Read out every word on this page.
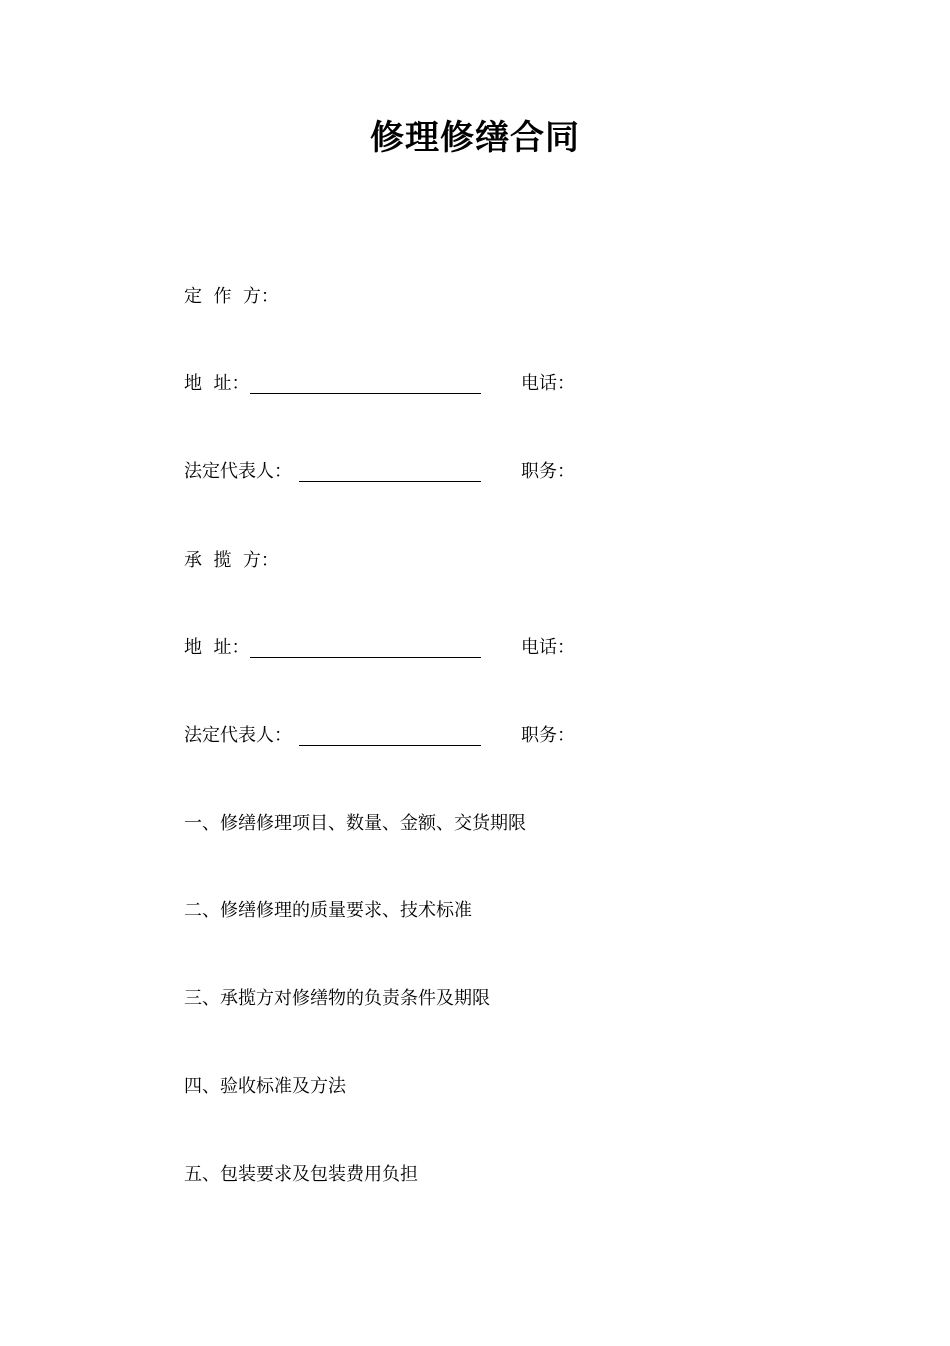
修理修缮合同
定  作  方：
地  址：	电话：
法定代表人：	职务：
承  揽  方：
地  址：	电话：
法定代表人：	职务：
一、修缮修理项目、数量、金额、交货期限
二、修缮修理的质量要求、技术标准
三、承揽方对修缮物的负责条件及期限
四、验收标准及方法
五、包装要求及包装费用负担
